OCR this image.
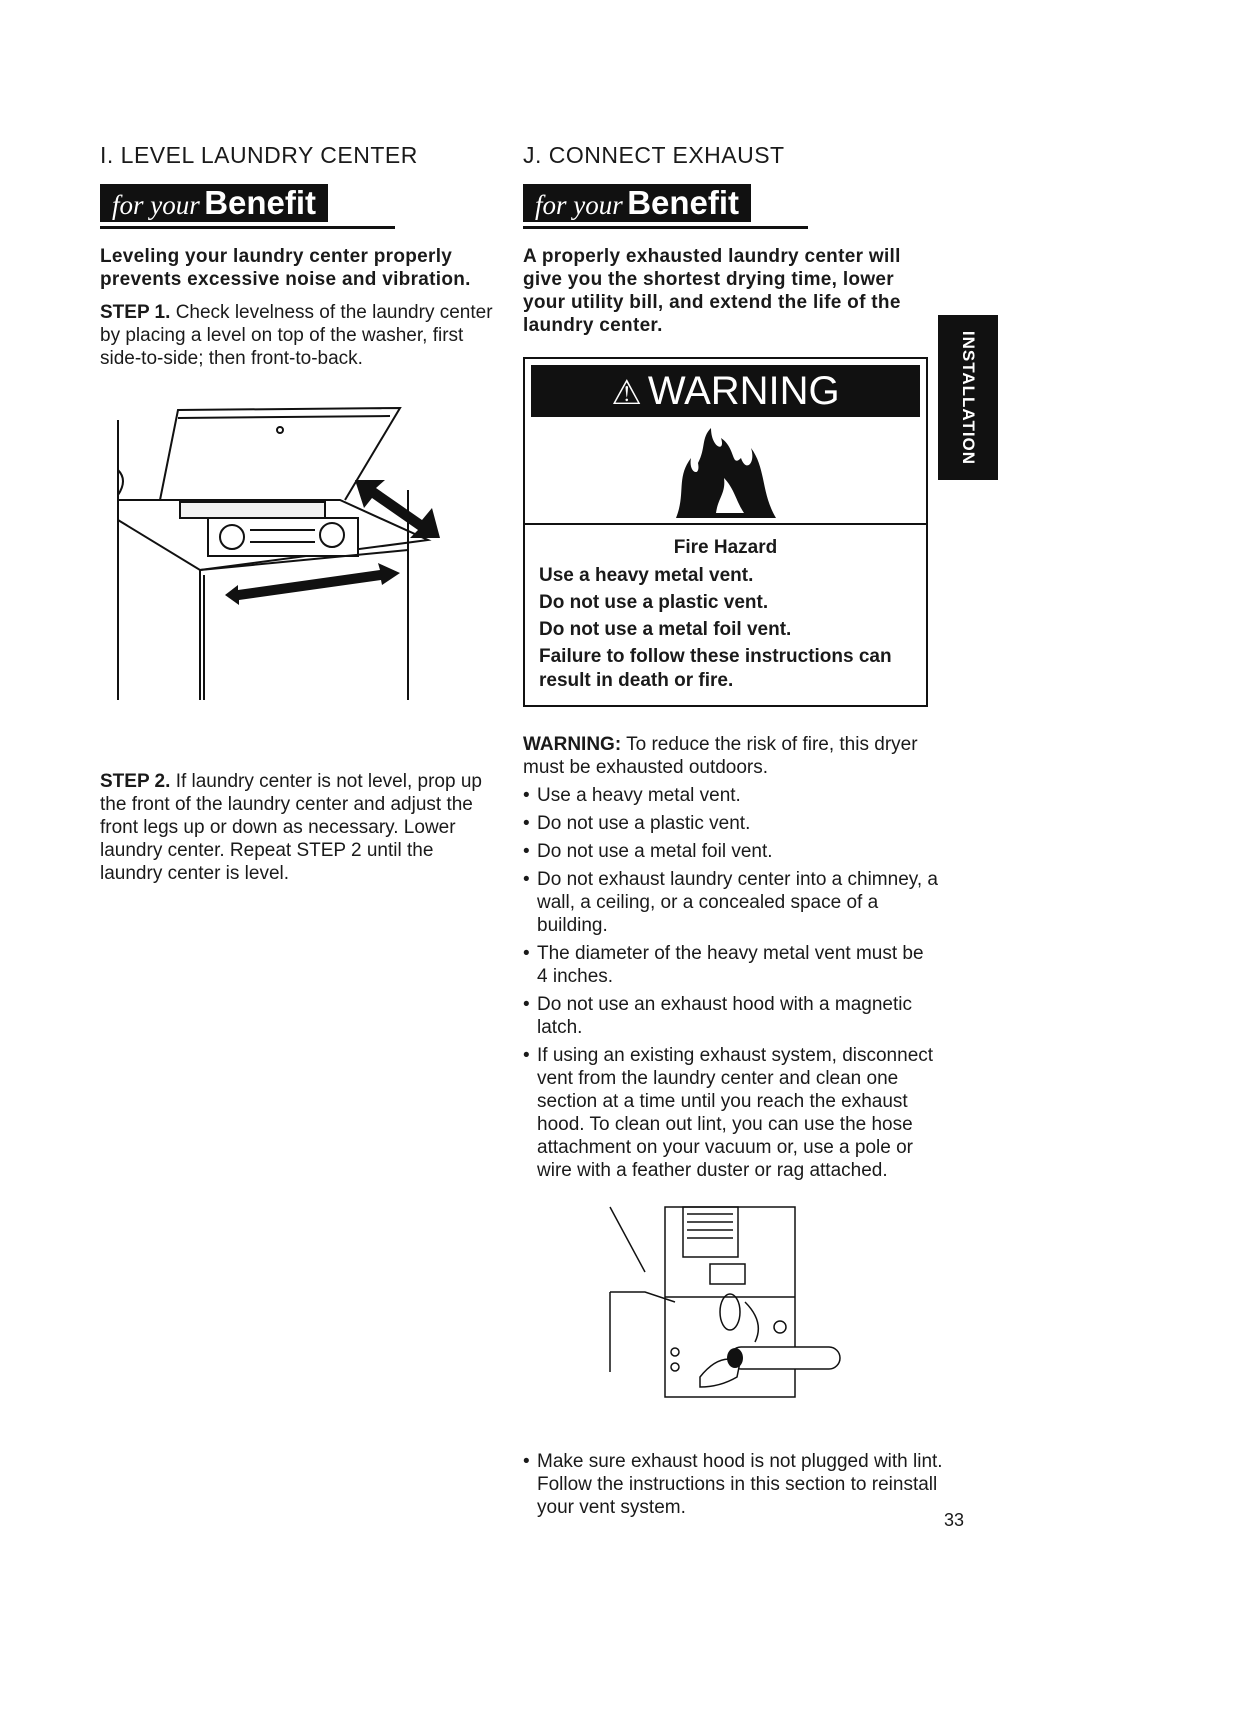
I. LEVEL LAUNDRY CENTER
for your Benefit
Leveling your laundry center properly prevents excessive noise and vibration.
STEP 1. Check levelness of the laundry center by placing a level on top of the washer, first side-to-side; then front-to-back.
STEP 2. If laundry center is not level, prop up the front of the laundry center and adjust the front legs up or down as necessary. Lower laundry center. Repeat STEP 2 until the laundry center is level.
J. CONNECT EXHAUST
for your Benefit
A properly exhausted laundry center will give you the shortest drying time, lower your utility bill, and extend the life of the laundry center.
⚠ WARNING
Fire Hazard
Use a heavy metal vent.
Do not use a plastic vent.
Do not use a metal foil vent.
Failure to follow these instructions can result in death or fire.
WARNING: To reduce the risk of fire, this dryer must be exhausted outdoors.
• Use a heavy metal vent.
• Do not use a plastic vent.
• Do not use a metal foil vent.
• Do not exhaust laundry center into a chimney, a wall, a ceiling, or a concealed space of a building.
• The diameter of the heavy metal vent must be 4 inches.
• Do not use an exhaust hood with a magnetic latch.
• If using an existing exhaust system, disconnect vent from the laundry center and clean one section at a time until you reach the exhaust hood. To clean out lint, you can use the hose attachment on your vacuum or, use a pole or wire with a feather duster or rag attached.
• Make sure exhaust hood is not plugged with lint. Follow the instructions in this section to reinstall your vent system.
INSTALLATION
33
